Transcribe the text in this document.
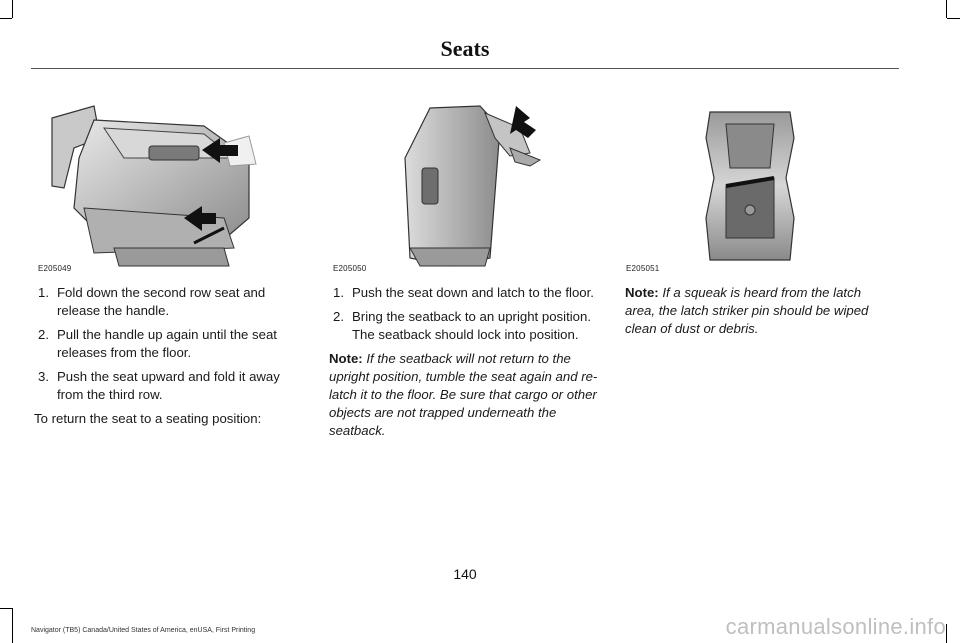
Seats
E205049	E205050	E205051
1. Fold down the second row seat and release the handle.
2. Pull the handle up again until the seat releases from the floor.
3. Push the seat upward and fold it away from the third row.

To return the seat to a seating position:

1. Push the seat down and latch to the floor.
2. Bring the seatback to an upright position. The seatback should lock into position.

Note: If the seatback will not return to the upright position, tumble the seat again and re-latch it to the floor. Be sure that cargo or other objects are not trapped underneath the seatback.

Note: If a squeak is heard from the latch area, the latch striker pin should be wiped clean of dust or debris.

140
Navigator (TB5) Canada/United States of America, enUSA, First Printing	carmanualsonline.info
